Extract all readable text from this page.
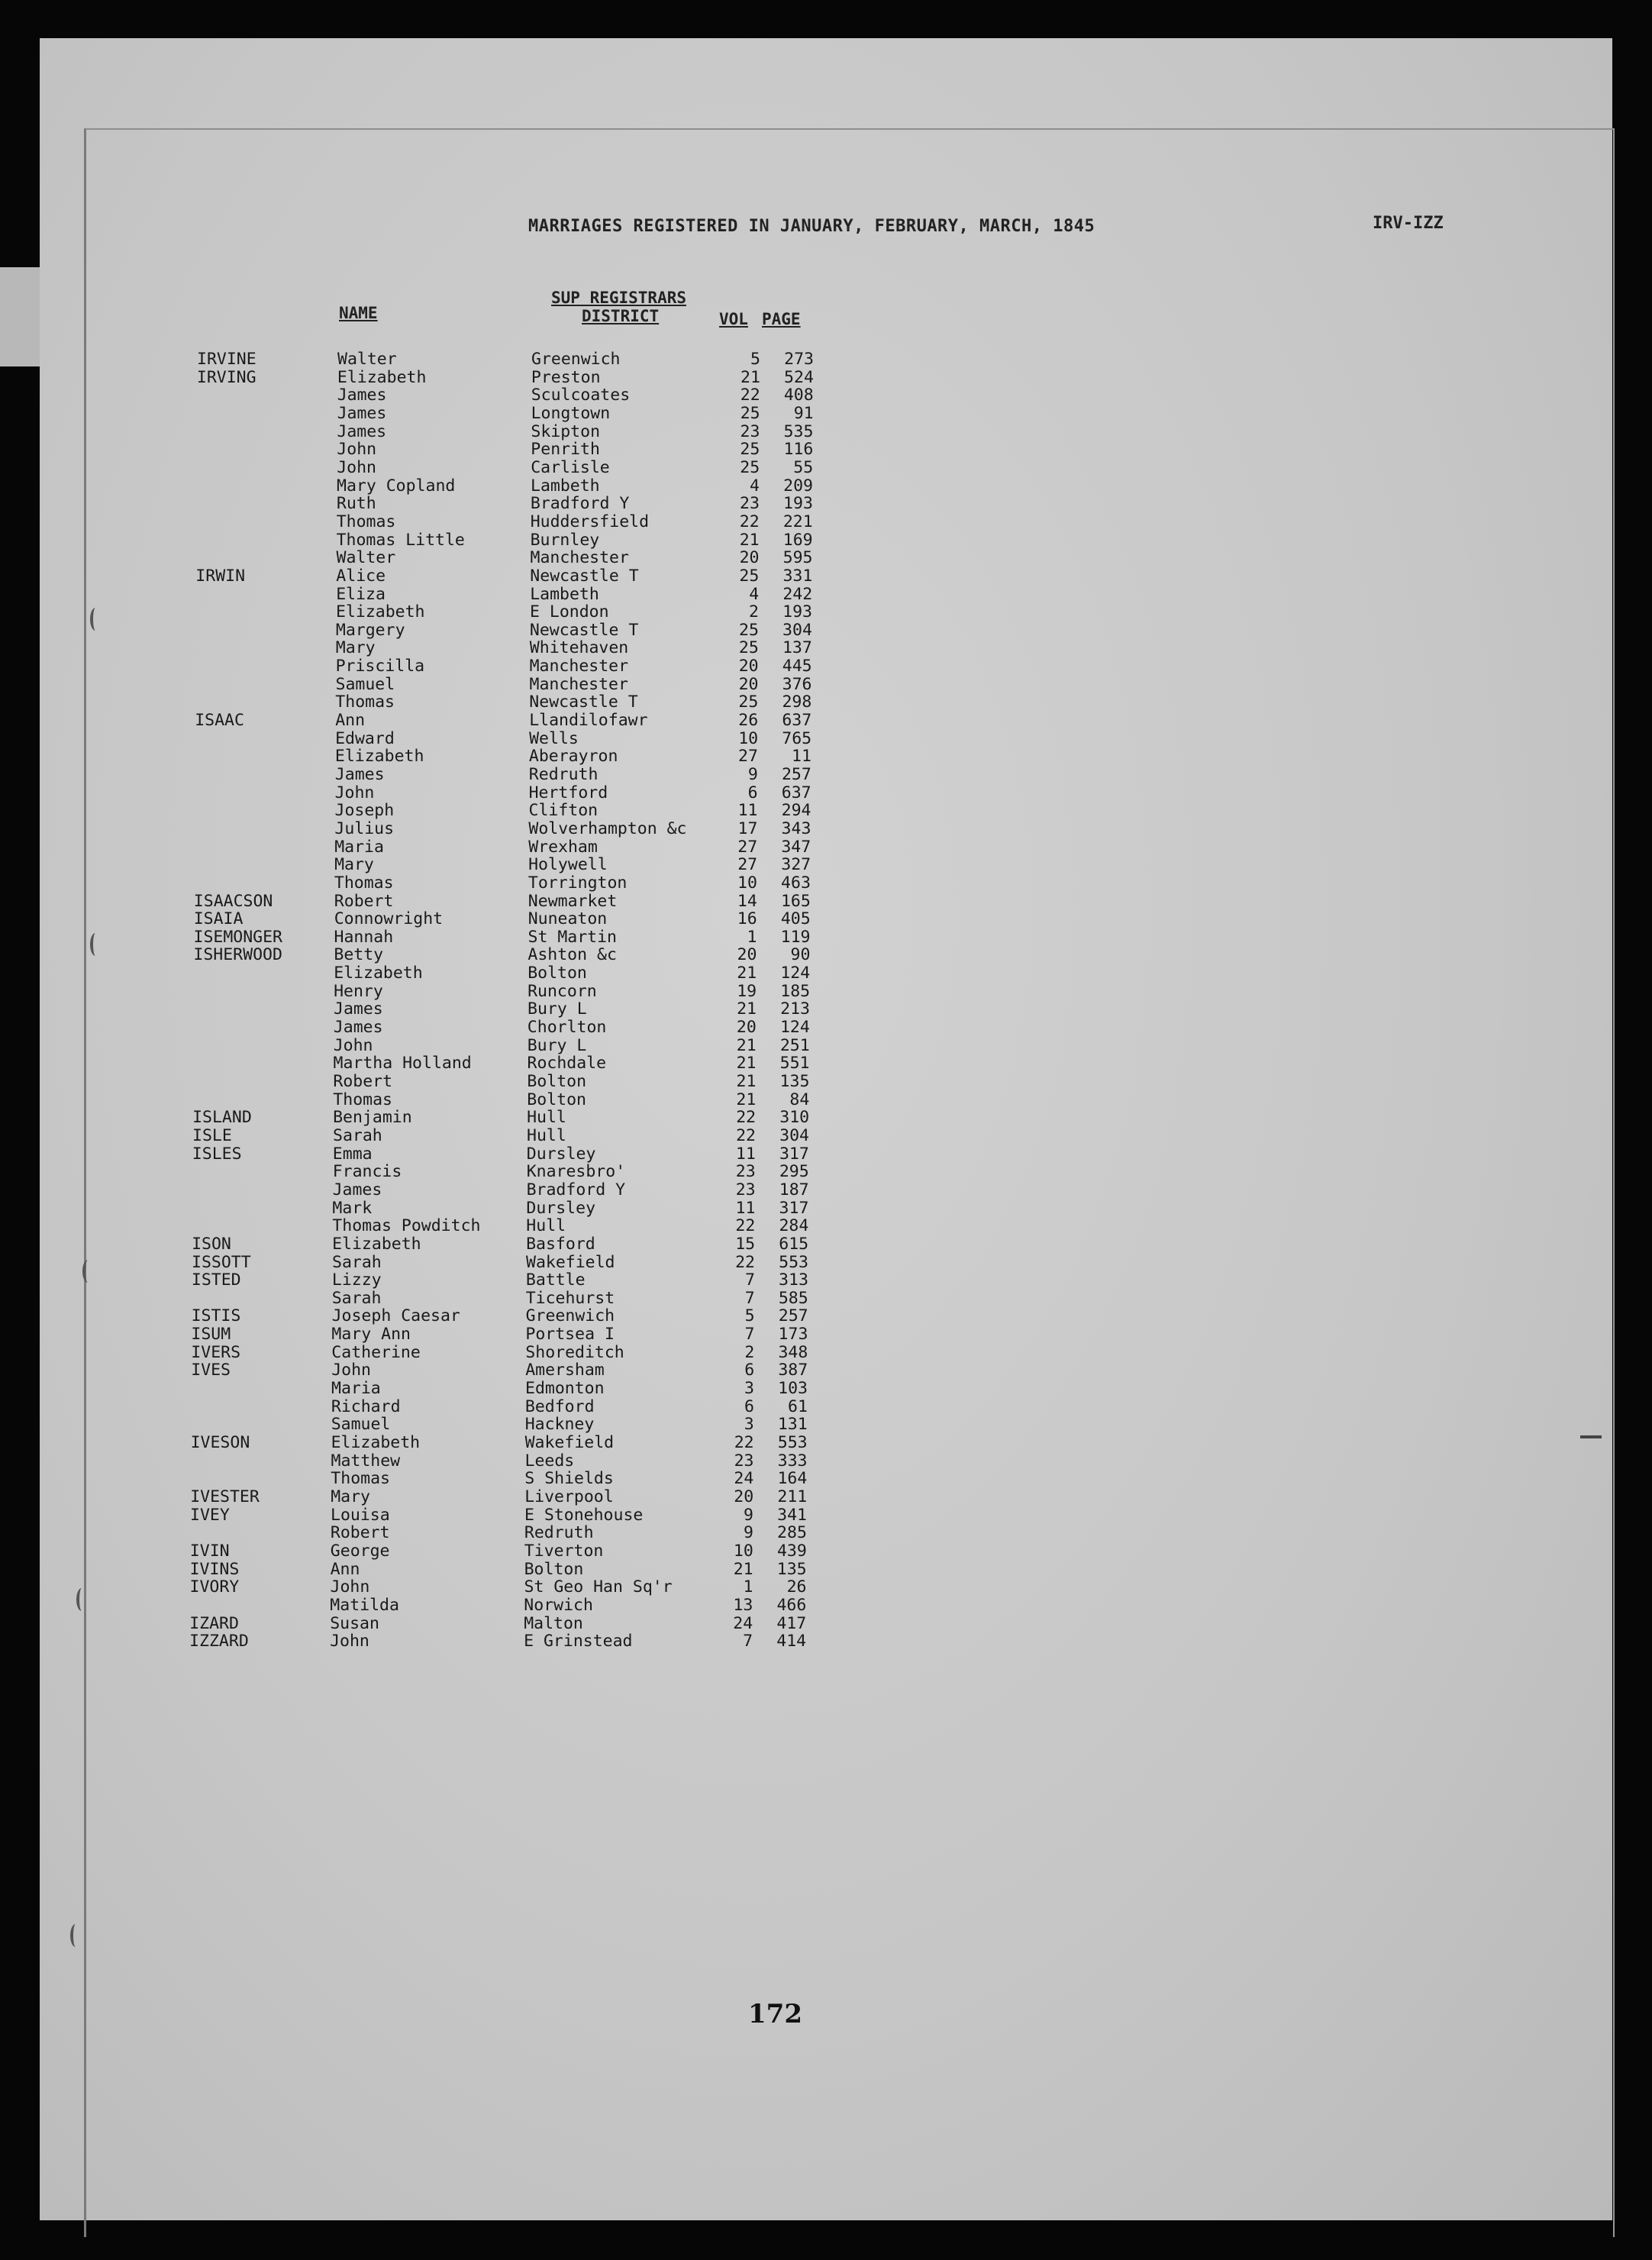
MARRIAGES REGISTERED IN JANUARY, FEBRUARY, MARCH, 1845	IRV-IZZ
NAME
SUP REGISTRARS
DISTRICT	VOL PAGE
IRVINE	Walter	Greenwich	5	273
IRVING	Elizabeth	Preston	21	524
James	Sculcoates	22	408
James	Longtown	25	91
James	Skipton	23	535
John	Penrith	25	116
John	Carlisle	25	55
Mary Copland	Lambeth	4	209
Ruth	Bradford Y	23	193
Thomas	Huddersfield	22	221
Thomas Little	Burnley	21	169
Walter	Manchester	20	595
IRWIN	Alice	Newcastle T	25	331
Eliza	Lambeth	4	242
Elizabeth	E London	2	193
Margery	Newcastle T	25	304
Mary	Whitehaven	25	137
Priscilla	Manchester	20	445
Samuel	Manchester	20	376
Thomas	Newcastle T	25	298
ISAAC	Ann	Llandilofawr	26	637
Edward	Wells	10	765
Elizabeth	Aberayron	27	11
James	Redruth	9	257
John	Hertford	6	637
Joseph	Clifton	11	294
Julius	Wolverhampton &c	17	343
Maria	Wrexham	27	347
Mary	Holywell	27	327
Thomas	Torrington	10	463
ISAACSON	Robert	Newmarket	14	165
ISAIA	Connowright	Nuneaton	16	405
ISEMONGER	Hannah	St Martin	1	119
ISHERWOOD	Betty	Ashton &c	20	90
Elizabeth	Bolton	21	124
Henry	Runcorn	19	185
James	Bury L	21	213
James	Chorlton	20	124
John	Bury L	21	251
Martha Holland	Rochdale	21	551
Robert	Bolton	21	135
Thomas	Bolton	21	84
ISLAND	Benjamin	Hull	22	310
ISLE	Sarah	Hull	22	304
ISLES	Emma	Dursley	11	317
Francis	Knaresbro'	23	295
James	Bradford Y	23	187
Mark	Dursley	11	317
Thomas Powditch	Hull	22	284
ISON	Elizabeth	Basford	15	615
ISSOTT	Sarah	Wakefield	22	553
ISTED	Lizzy	Battle	7	313
Sarah	Ticehurst	7	585
ISTIS	Joseph Caesar	Greenwich	5	257
ISUM	Mary Ann	Portsea I	7	173
IVERS	Catherine	Shoreditch	2	348
IVES	John	Amersham	6	387
Maria	Edmonton	3	103
Richard	Bedford	6	61
Samuel	Hackney	3	131
IVESON	Elizabeth	Wakefield	22	553
Matthew	Leeds	23	333
Thomas	S Shields	24	164
IVESTER	Mary	Liverpool	20	211
IVEY	Louisa	E Stonehouse	9	341
Robert	Redruth	9	285
IVIN	George	Tiverton	10	439
IVINS	Ann	Bolton	21	135
IVORY	John	St Geo Han Sq'r	1	26
Matilda	Norwich	13	466
IZARD	Susan	Malton	24	417
IZZARD	John	E Grinstead	7	414
172
